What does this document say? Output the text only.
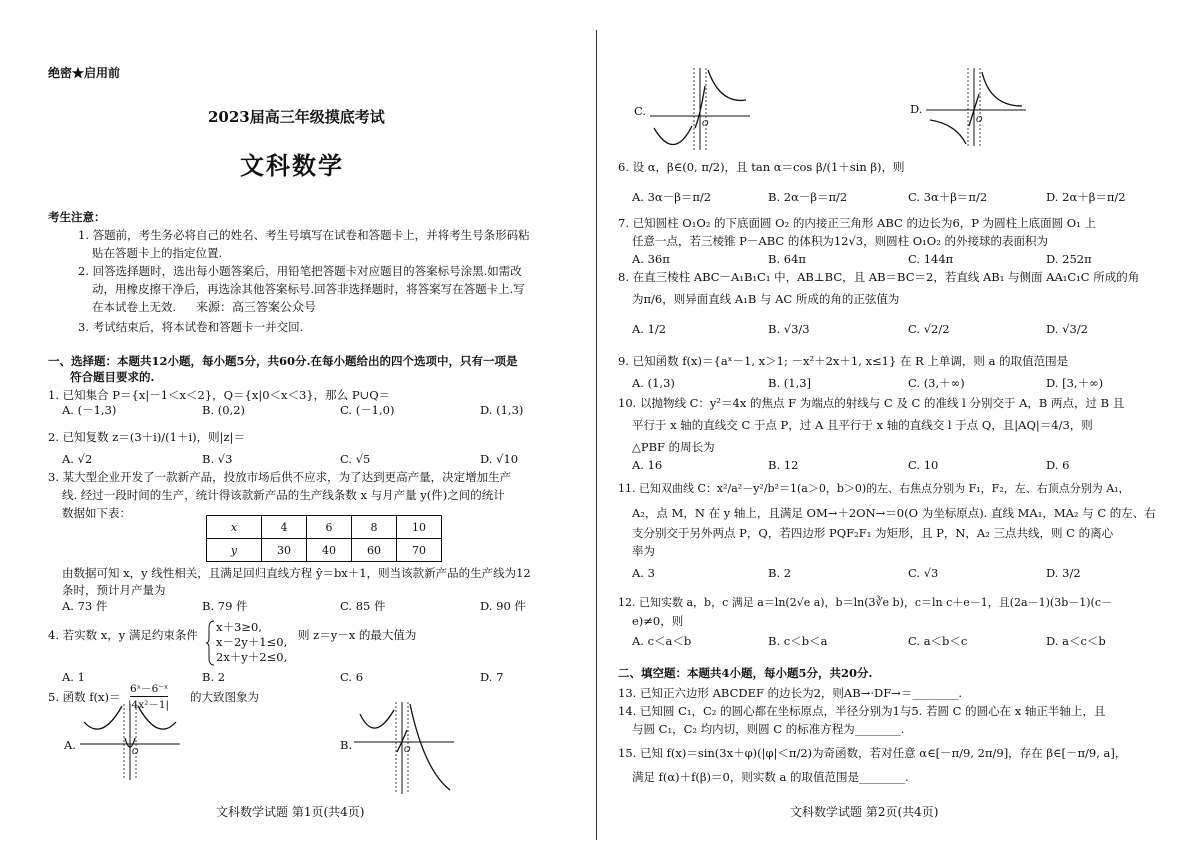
绝密★启用前
2023届高三年级摸底考试
文科数学
考生注意：
1. 答题前，考生务必将自己的姓名、考生号填写在试卷和答题卡上，并将考生号条形码粘
贴在答题卡上的指定位置.
2. 回答选择题时，选出每小题答案后，用铅笔把答题卡对应题目的答案标号涂黑.如需改
动，用橡皮擦干净后，再选涂其他答案标号.回答非选择题时，将答案写在答题卡上.写
在本试卷上无效. 来源：高三答案公众号
3. 考试结束后，将本试卷和答题卡一并交回.
一、选择题：本题共12小题，每小题5分，共60分.在每小题给出的四个选项中，只有一项是
符合题目要求的.
1. 已知集合 P＝{x|－1＜x＜2}，Q＝{x|0＜x＜3}，那么 P∪Q＝
A. (－1,3)	B. (0,2)	C. (－1,0)	D. (1,3)
2. 已知复数 z＝(3＋i)/(1＋i)，则|z|＝
A. √2	B. √3	C. √5	D. √10
3. 某大型企业开发了一款新产品，投放市场后供不应求，为了达到更高产量，决定增加生产
线. 经过一段时间的生产，统计得该款新产品的生产线条数 x 与月产量 y(件)之间的统计
数据如下表：
x	4	6	8	10
y	30	40	60	70
由数据可知 x，y 线性相关，且满足回归直线方程 ŷ＝bx＋1，则当该款新产品的生产线为12
条时，预计月产量为
A. 73 件	B. 79 件	C. 85 件	D. 90 件
4. 若实数 x，y 满足约束条件
x＋3≥0,
x－2y＋1≤0,
2x＋y＋2≤0,
则 z＝y－x 的最大值为
A. 1	B. 2	C. 6	D. 7
5. 函数 f(x)＝
6ˣ－6⁻ˣ
|4x²－1|
的大致图象为
A.	O	B.	O
文科数学试题 第1页(共4页)
C.
O
D.
O
6. 设 α，β∈(0, π/2)，且 tan α＝cos β/(1＋sin β)，则
A. 3α－β＝π/2	B. 2α－β＝π/2	C. 3α＋β＝π/2	D. 2α＋β＝π/2
7. 已知圆柱 O₁O₂ 的下底面圆 O₂ 的内接正三角形 ABC 的边长为6，P 为圆柱上底面圆 O₁ 上
任意一点，若三棱锥 P－ABC 的体积为12√3，则圆柱 O₁O₂ 的外接球的表面积为
A. 36π	B. 64π	C. 144π	D. 252π
8. 在直三棱柱 ABC－A₁B₁C₁ 中，AB⊥BC，且 AB＝BC＝2，若直线 AB₁ 与侧面 AA₁C₁C 所成的角
为π/6，则异面直线 A₁B 与 AC 所成的角的正弦值为
A. 1/2	B. √3/3	C. √2/2	D. √3/2
9. 已知函数 f(x)＝{aˣ－1, x＞1; －x²＋2x＋1, x≤1} 在 R 上单调，则 a 的取值范围是
A. (1,3)	B. (1,3]	C. (3,＋∞)	D. [3,＋∞)
10. 以抛物线 C：y²＝4x 的焦点 F 为端点的射线与 C 及 C 的准线 l 分别交于 A，B 两点，过 B 且
平行于 x 轴的直线交 C 于点 P，过 A 且平行于 x 轴的直线交 l 于点 Q，且|AQ|＝4/3，则
△PBF 的周长为
A. 16	B. 12	C. 10	D. 6
11. 已知双曲线 C：x²/a²－y²/b²＝1(a＞0，b＞0)的左、右焦点分别为 F₁，F₂，左、右顶点分别为 A₁，
A₂，点 M，N 在 y 轴上，且满足 OM→＋2ON→＝0(O 为坐标原点). 直线 MA₁，MA₂ 与 C 的左、右
支分别交于另外两点 P，Q，若四边形 PQF₂F₁ 为矩形，且 P，N，A₂ 三点共线，则 C 的离心
率为
A. 3	B. 2	C. √3	D. 3/2
12. 已知实数 a，b，c 满足 a＝ln(2√e a)，b＝ln(3∛e b)，c＝ln c＋e－1，且(2a－1)(3b－1)(c－
e)≠0，则
A. c＜a＜b	B. c＜b＜a	C. a＜b＜c	D. a＜c＜b
二、填空题：本题共4小题，每小题5分，共20分.
13. 已知正六边形 ABCDEF 的边长为2，则AB→·DF→＝________.
14. 已知圆 C₁，C₂ 的圆心都在坐标原点，半径分别为1与5. 若圆 C 的圆心在 x 轴正半轴上，且
与圆 C₁，C₂ 均内切，则圆 C 的标准方程为________.
15. 已知 f(x)＝sin(3x＋φ)(|φ|＜π/2)为奇函数，若对任意 α∈[－π/9, 2π/9]，存在 β∈[－π/9, a]，
满足 f(α)＋f(β)＝0，则实数 a 的取值范围是________.
文科数学试题 第2页(共4页)
